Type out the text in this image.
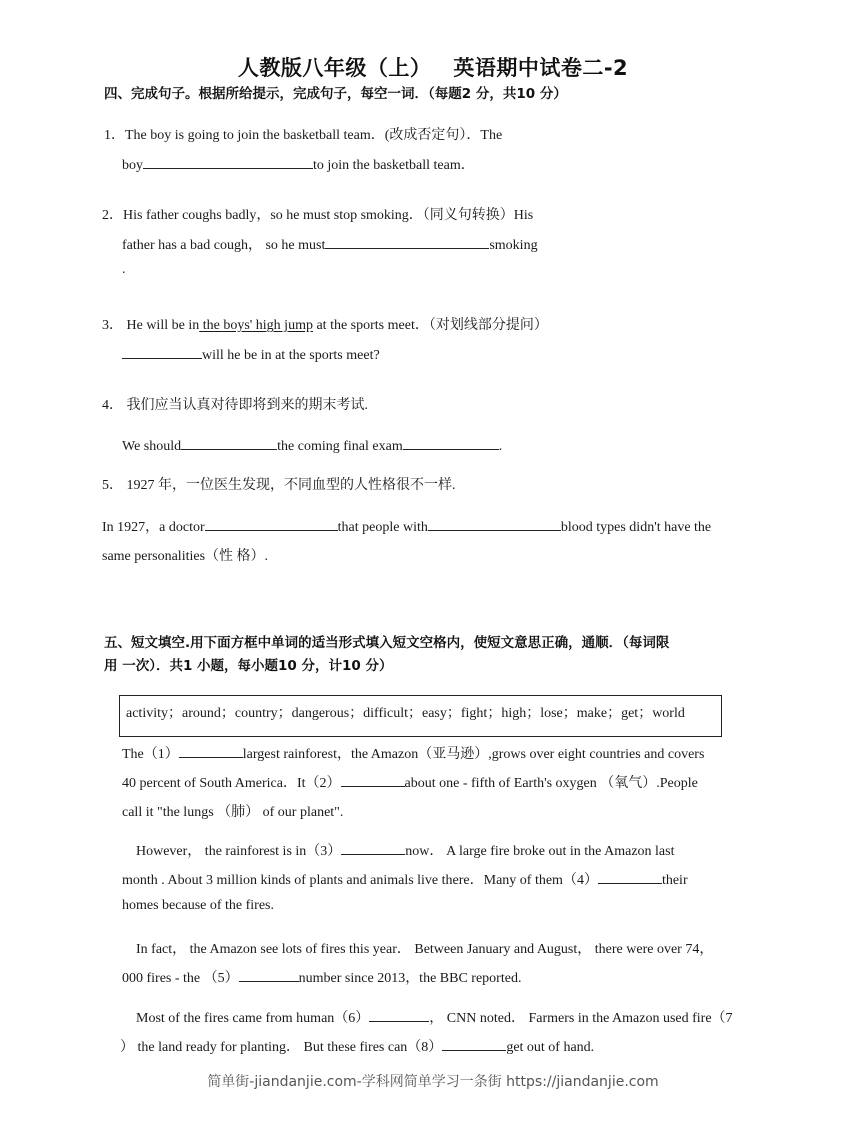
人教版八年级（上） 英语期中试卷二-2
四、完成句子。根据所给提示，完成句子，每空一词．（每题2 分，共10 分）
1．The boy is going to join the basketball team．(改成否定句）．The
boy	to join the basketball team．
2．His father coughs badly，so he must stop smoking．（同义句转换）His
father has a bad cough， so he must	smoking
.
3． He will be in the boys' high jump at the sports meet．（对划线部分提问）
will he be in at the sports meet?
4． 我们应当认真对待即将到来的期末考试.
We should	the coming final exam	.
5． 1927 年，一位医生发现，不同血型的人性格很不一样.
In 1927，a doctor	that people with	blood types didn't have the
same personalities（性 格）.
五、短文填空.用下面方框中单词的适当形式填入短文空格内，使短文意思正确，通顺．（每词限
用 一次）．共1 小题，每小题10 分，计10 分）
activity；around；country；dangerous；difficult；easy；fight；high；lose；make；get；world
The（1）	largest rainforest，the Amazon（亚马逊）,grows over eight countries and covers
40 percent of South America．It（2）	about one - fifth of Earth's oxygen （氧气）.People
call it "the lungs （肺） of our planet".
However， the rainforest is in（3）	now． A large fire broke out in the Amazon last
month . About 3 million kinds of plants and animals live there．Many of them（4）	their
homes because of the fires.
In fact， the Amazon see lots of fires this year． Between January and August， there were over 74，
000 fires - the （5）	number since 2013，the BBC reported.
Most of the fires came from human（6）	， CNN noted． Farmers in the Amazon used fire（7
） the land ready for planting． But these fires can（8）	get out of hand.
简单街-jiandanjie.com-学科网简单学习一条街 https://jiandanjie.com
